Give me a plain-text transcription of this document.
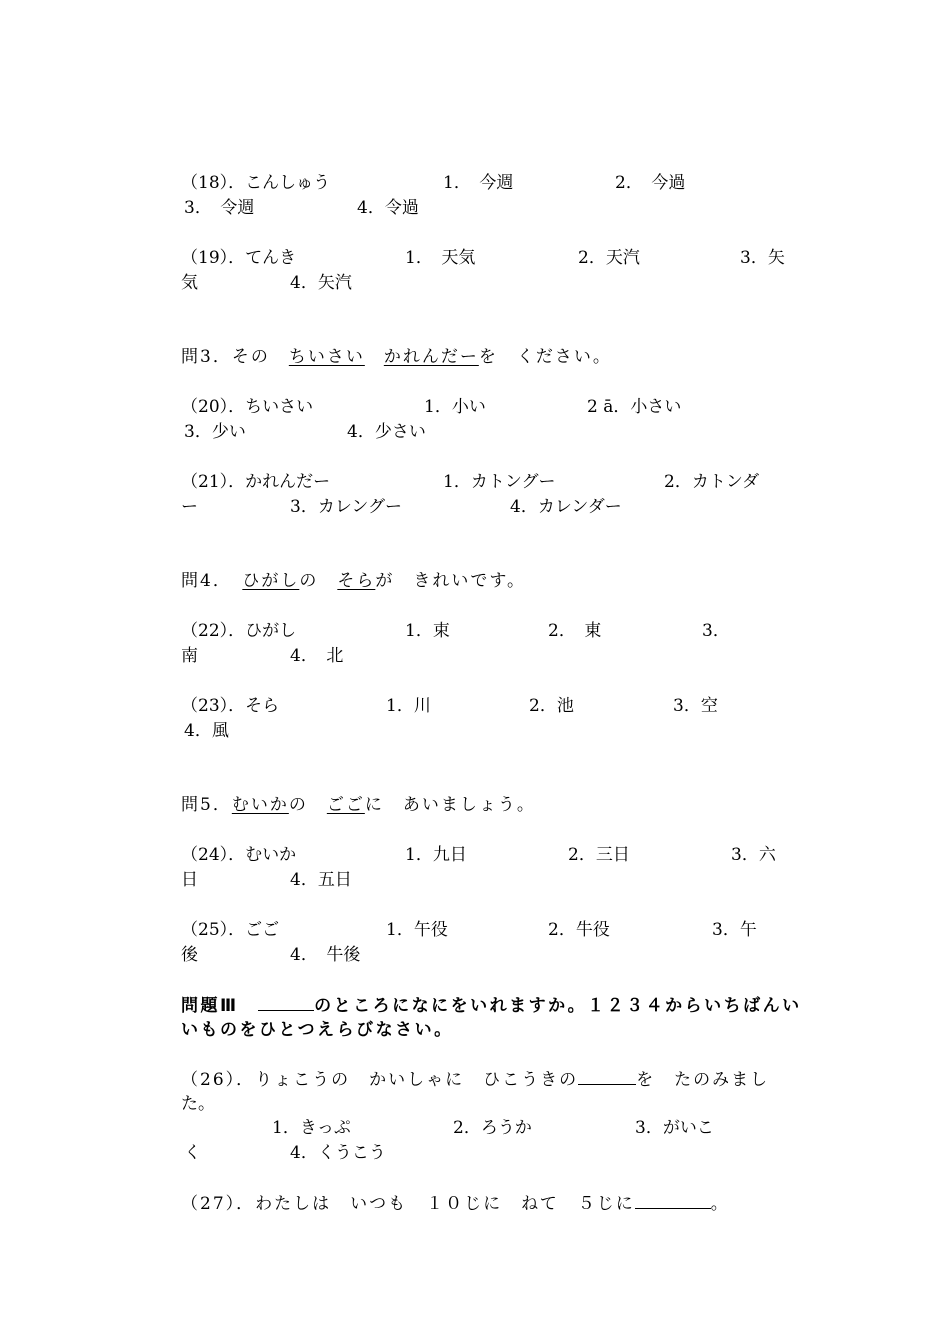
（18）．こんしゅう	1．　今週	2．　今過
3．　令週	4．令過
（19）．てんき	1．　天気	2．天汽	3．矢
気	4．矢汽
問3．その　ちいさい　 かれんだーを　ください。
（20）．ちいさい	1．小い	2 ā．小さい
3．少い	4．少さい
（21）．かれんだー	1．カトングー	2．カトンダ
ー	3．カレングー	4．カレンダー
問4．　ひがしの　そらが　きれいです。
（22）．ひがし	1．束	2．　東	3．
南	4．　北
（23）．そら	1．川	2．池	3．空
4．風
問5．むいかの　ごごに　あいましょう。
（24）．むいか	1．九日	2．三日	3．六
日	4．五日
（25）．ごご	1．午役	2．牛役	3．午
後	4．　牛後
問題Ⅲ　	のところになにをいれますか。１２３４からいちばんい
いものをひとつえらびなさい。
（26）．りょこうの　かいしゃに　ひこうきの	を　たのみまし
た。
1．きっぷ	2．ろうか	3．がいこ
く	4．くうこう
（27）．わたしは　いつも　１０じに　ねて　５じに	。
